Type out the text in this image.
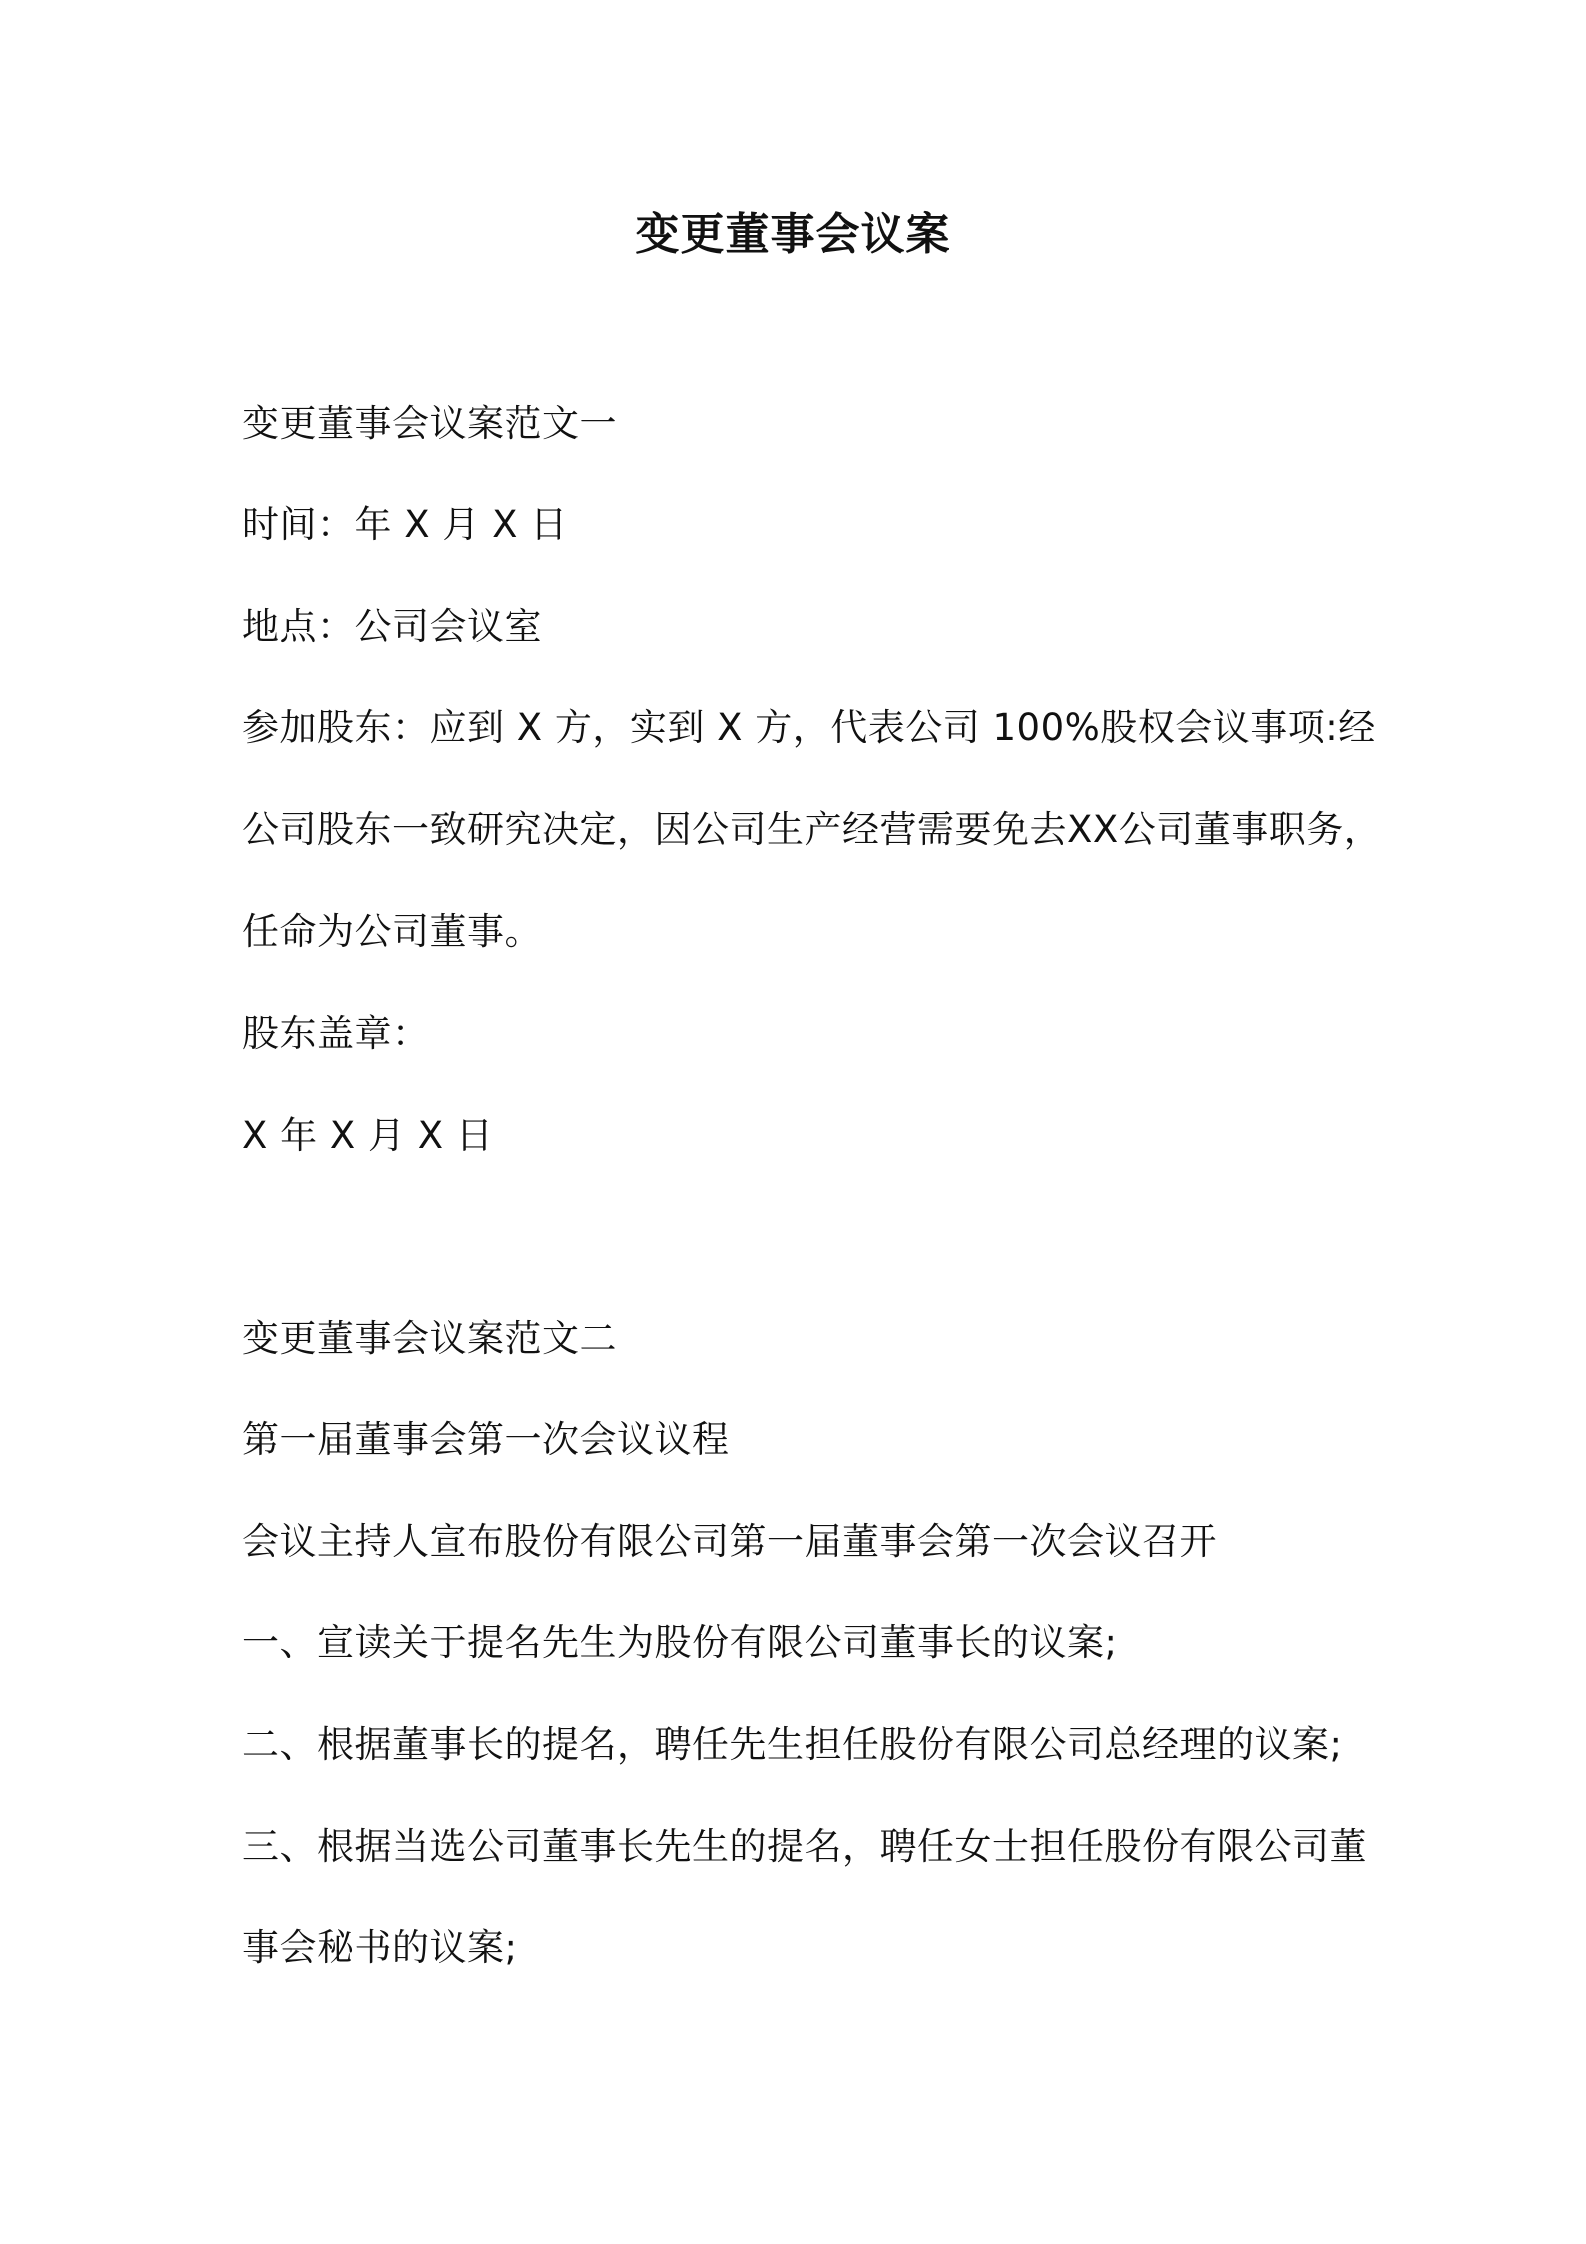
变更董事会议案

变更董事会议案范文一

时间：年 X 月 X 日

地点：公司会议室

参加股东：应到 X 方，实到 X 方，代表公司 100%股权会议事项:经

公司股东一致研究决定，因公司生产经营需要免去XX公司董事职务，

任命为公司董事。

股东盖章：

X 年 X 月 X 日

变更董事会议案范文二

第一届董事会第一次会议议程

会议主持人宣布股份有限公司第一届董事会第一次会议召开

一、宣读关于提名先生为股份有限公司董事长的议案;

二、根据董事长的提名，聘任先生担任股份有限公司总经理的议案;

三、根据当选公司董事长先生的提名，聘任女士担任股份有限公司董

事会秘书的议案;
